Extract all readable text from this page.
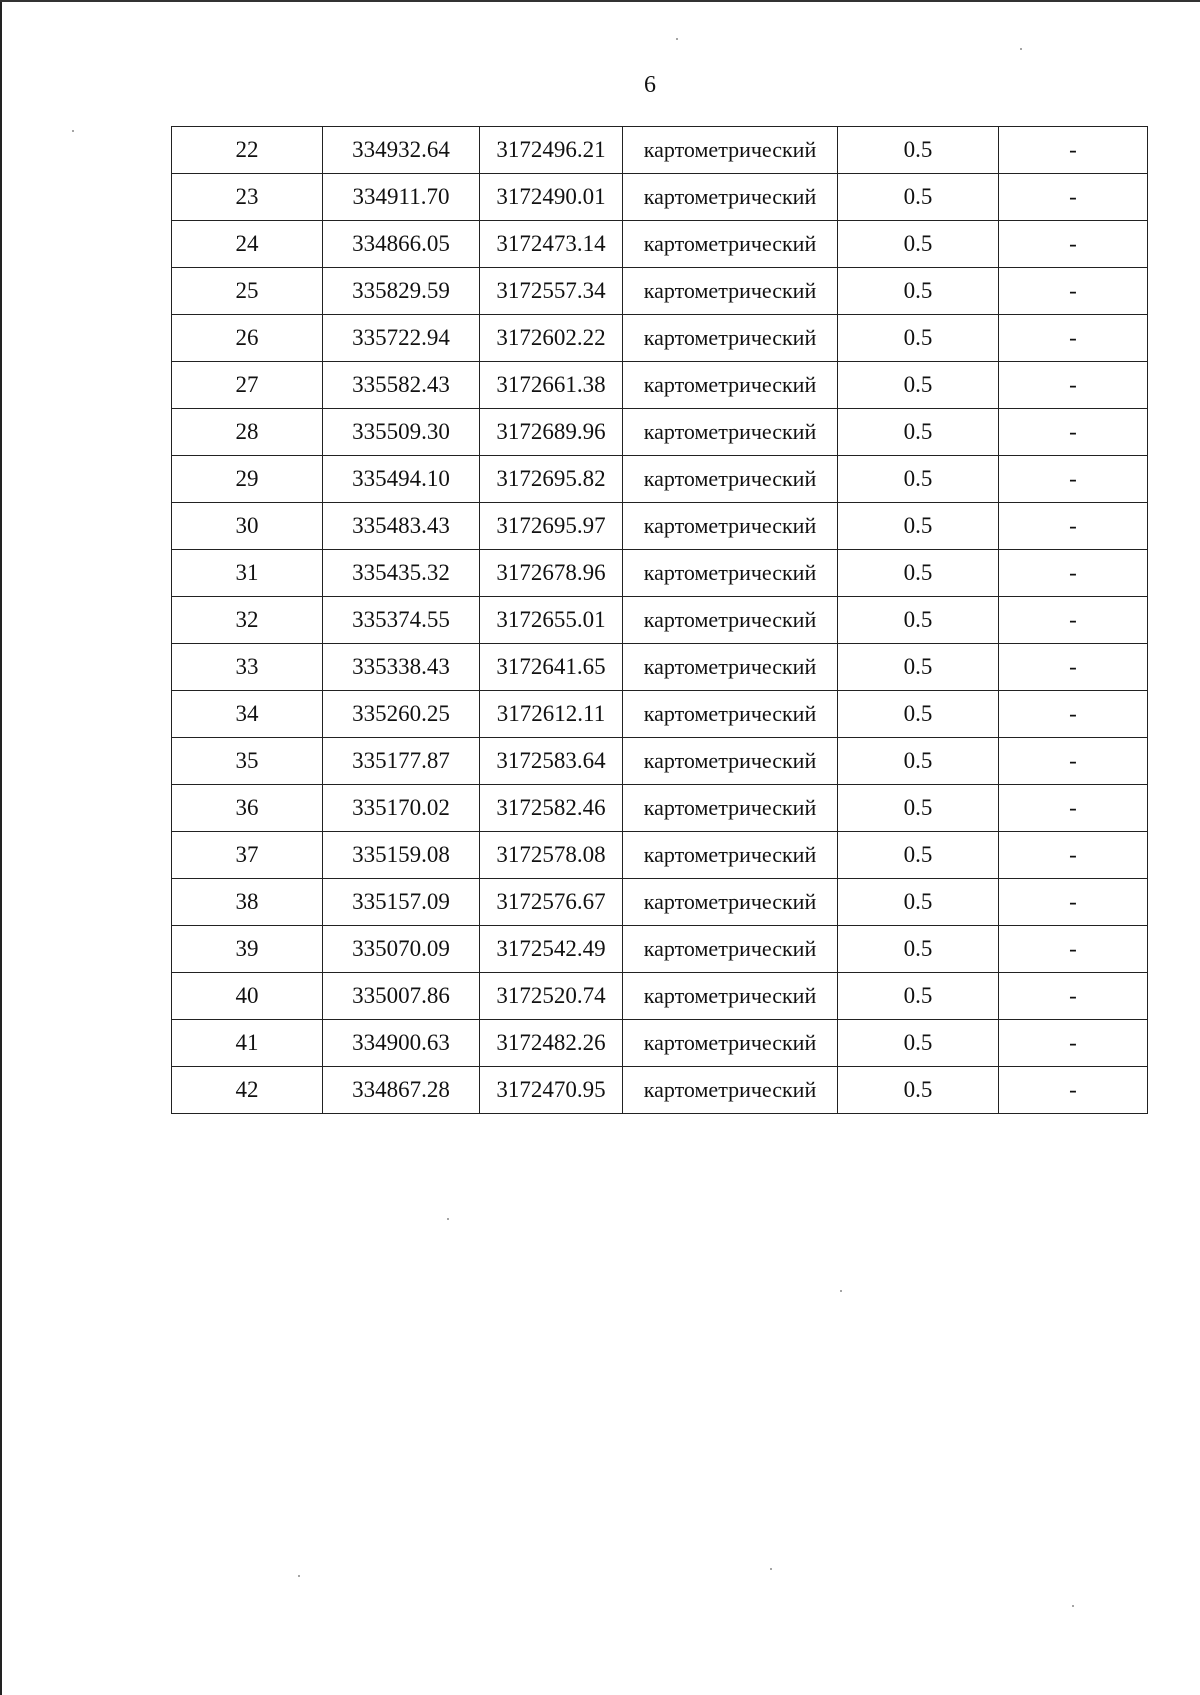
6
22	334932.64	3172496.21	картометрический	0.5	-
23	334911.70	3172490.01	картометрический	0.5	-
24	334866.05	3172473.14	картометрический	0.5	-
25	335829.59	3172557.34	картометрический	0.5	-
26	335722.94	3172602.22	картометрический	0.5	-
27	335582.43	3172661.38	картометрический	0.5	-
28	335509.30	3172689.96	картометрический	0.5	-
29	335494.10	3172695.82	картометрический	0.5	-
30	335483.43	3172695.97	картометрический	0.5	-
31	335435.32	3172678.96	картометрический	0.5	-
32	335374.55	3172655.01	картометрический	0.5	-
33	335338.43	3172641.65	картометрический	0.5	-
34	335260.25	3172612.11	картометрический	0.5	-
35	335177.87	3172583.64	картометрический	0.5	-
36	335170.02	3172582.46	картометрический	0.5	-
37	335159.08	3172578.08	картометрический	0.5	-
38	335157.09	3172576.67	картометрический	0.5	-
39	335070.09	3172542.49	картометрический	0.5	-
40	335007.86	3172520.74	картометрический	0.5	-
41	334900.63	3172482.26	картометрический	0.5	-
42	334867.28	3172470.95	картометрический	0.5	-
